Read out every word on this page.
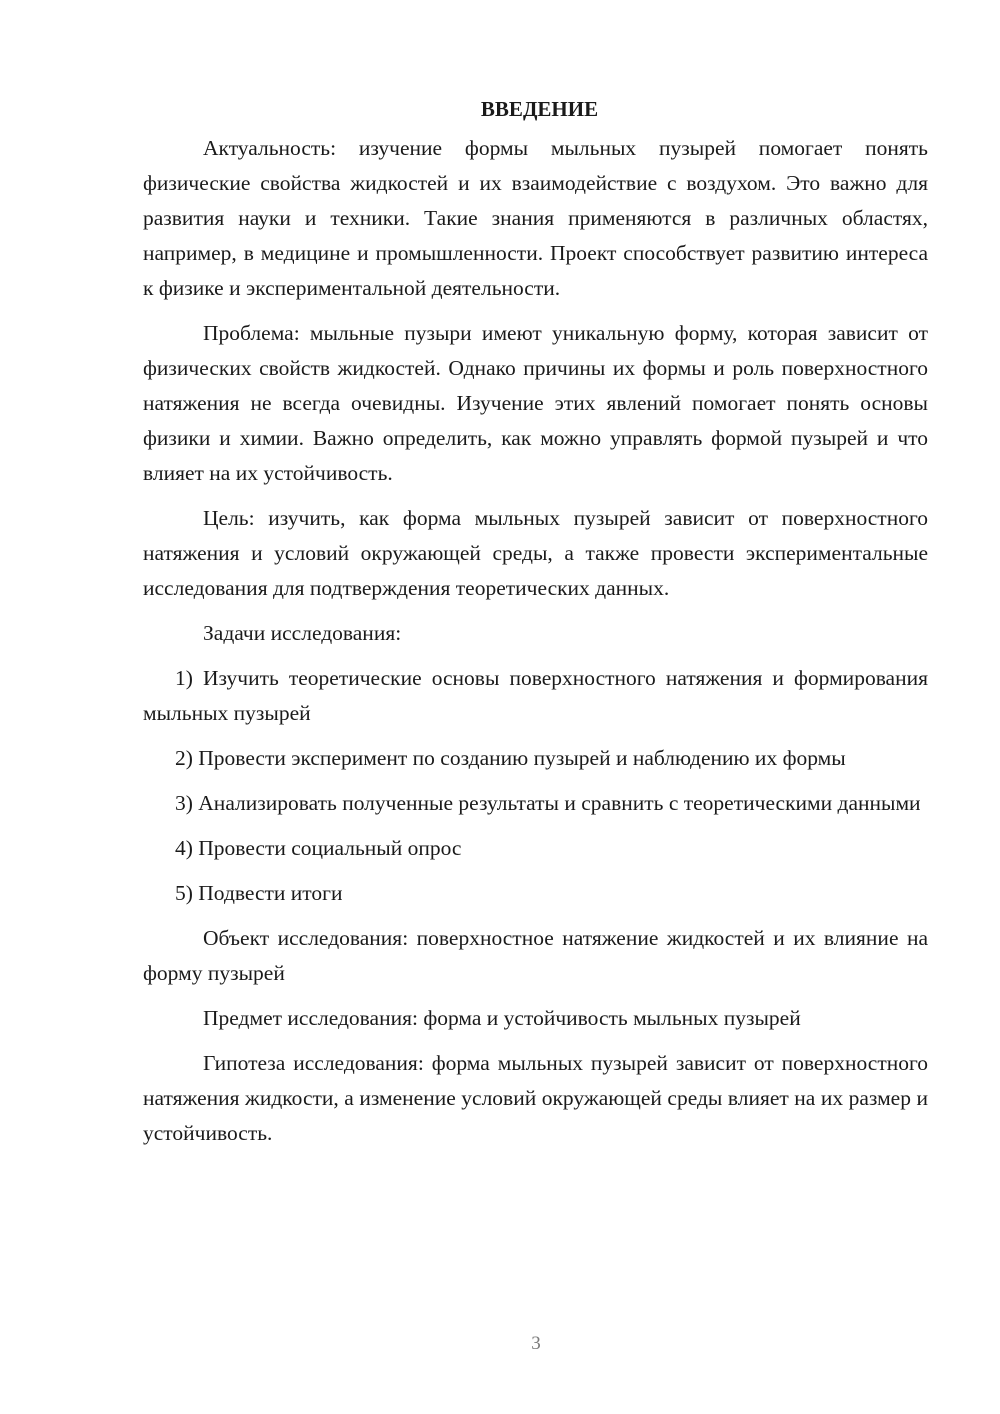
ВВЕДЕНИЕ

Актуальность: изучение формы мыльных пузырей помогает понять физические свойства жидкостей и их взаимодействие с воздухом. Это важно для развития науки и техники. Такие знания применяются в различных областях, например, в медицине и промышленности. Проект способствует развитию интереса к физике и экспериментальной деятельности.

Проблема: мыльные пузыри имеют уникальную форму, которая зависит от физических свойств жидкостей. Однако причины их формы и роль поверхностного натяжения не всегда очевидны. Изучение этих явлений помогает понять основы физики и химии. Важно определить, как можно управлять формой пузырей и что влияет на их устойчивость.

Цель: изучить, как форма мыльных пузырей зависит от поверхностного натяжения и условий окружающей среды, а также провести экспериментальные исследования для подтверждения теоретических данных.

Задачи исследования:

1) Изучить теоретические основы поверхностного натяжения и формирования мыльных пузырей

2) Провести эксперимент по созданию пузырей и наблюдению их формы

3) Анализировать полученные результаты и сравнить с теоретическими данными

4) Провести социальный опрос

5) Подвести итоги

Объект исследования: поверхностное натяжение жидкостей и их влияние на форму пузырей

Предмет исследования: форма и устойчивость мыльных пузырей

Гипотеза исследования: форма мыльных пузырей зависит от поверхностного натяжения жидкости, а изменение условий окружающей среды влияет на их размер и устойчивость.

3
